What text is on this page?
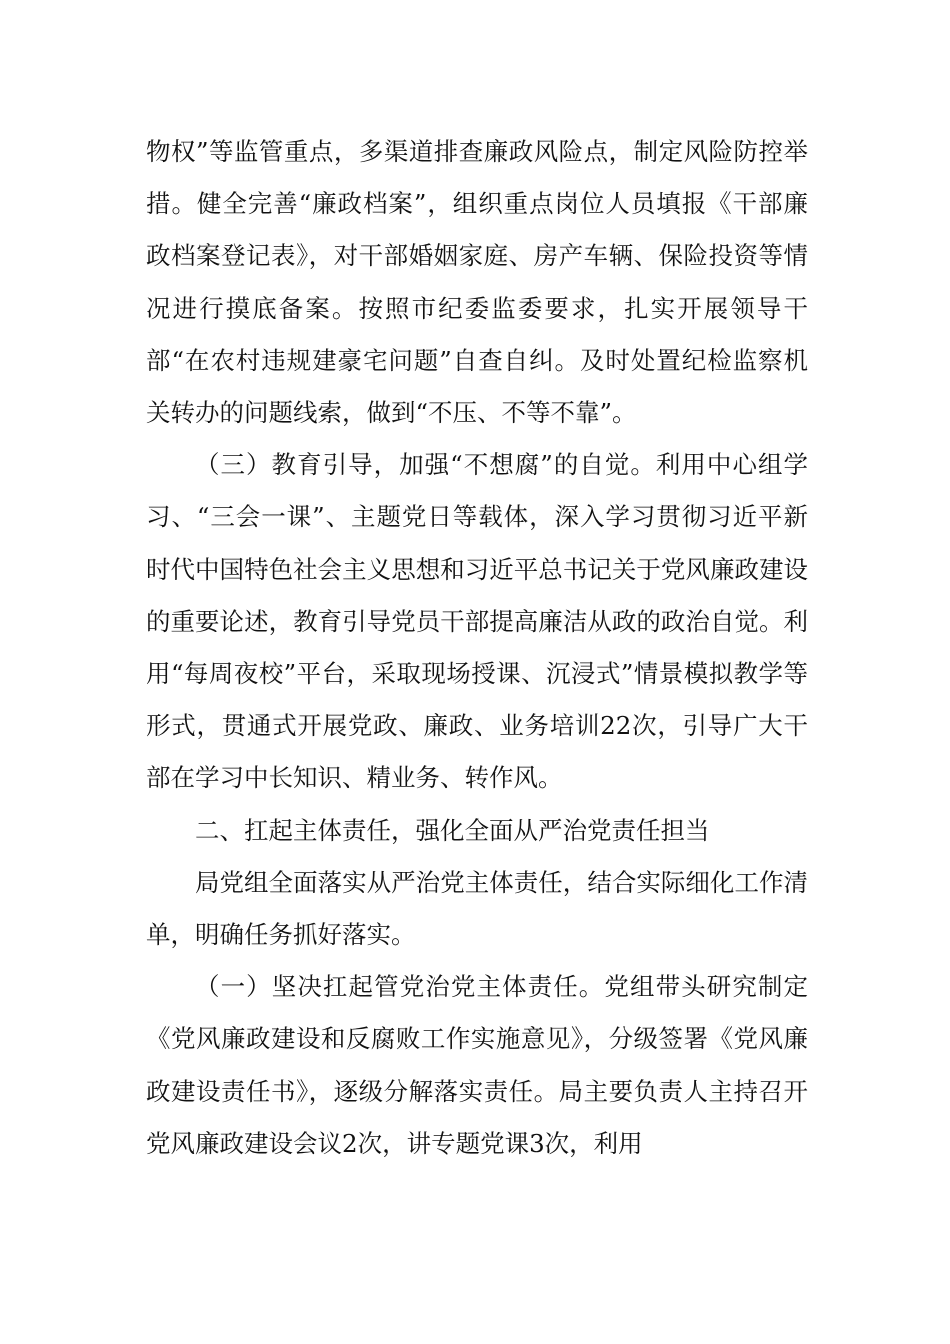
物权”等监管重点，多渠道排查廉政风险点，制定风险防控举措。健全完善“廉政档案”，组织重点岗位人员填报《干部廉政档案登记表》，对干部婚姻家庭、房产车辆、保险投资等情况进行摸底备案。按照市纪委监委要求，扎实开展领导干部“在农村违规建豪宅问题”自查自纠。及时处置纪检监察机关转办的问题线索，做到“不压、不等不靠”。

（三）教育引导，加强“不想腐”的自觉。利用中心组学习、“三会一课”、主题党日等载体，深入学习贯彻习近平新时代中国特色社会主义思想和习近平总书记关于党风廉政建设的重要论述，教育引导党员干部提高廉洁从政的政治自觉。利用“每周夜校”平台，采取现场授课、沉浸式”情景模拟教学等形式，贯通式开展党政、廉政、业务培训22次，引导广大干部在学习中长知识、精业务、转作风。

二、扛起主体责任，强化全面从严治党责任担当

局党组全面落实从严治党主体责任，结合实际细化工作清单，明确任务抓好落实。

（一）坚决扛起管党治党主体责任。党组带头研究制定《党风廉政建设和反腐败工作实施意见》，分级签署《党风廉政建设责任书》，逐级分解落实责任。局主要负责人主持召开党风廉政建设会议2次，讲专题党课3次，利用
